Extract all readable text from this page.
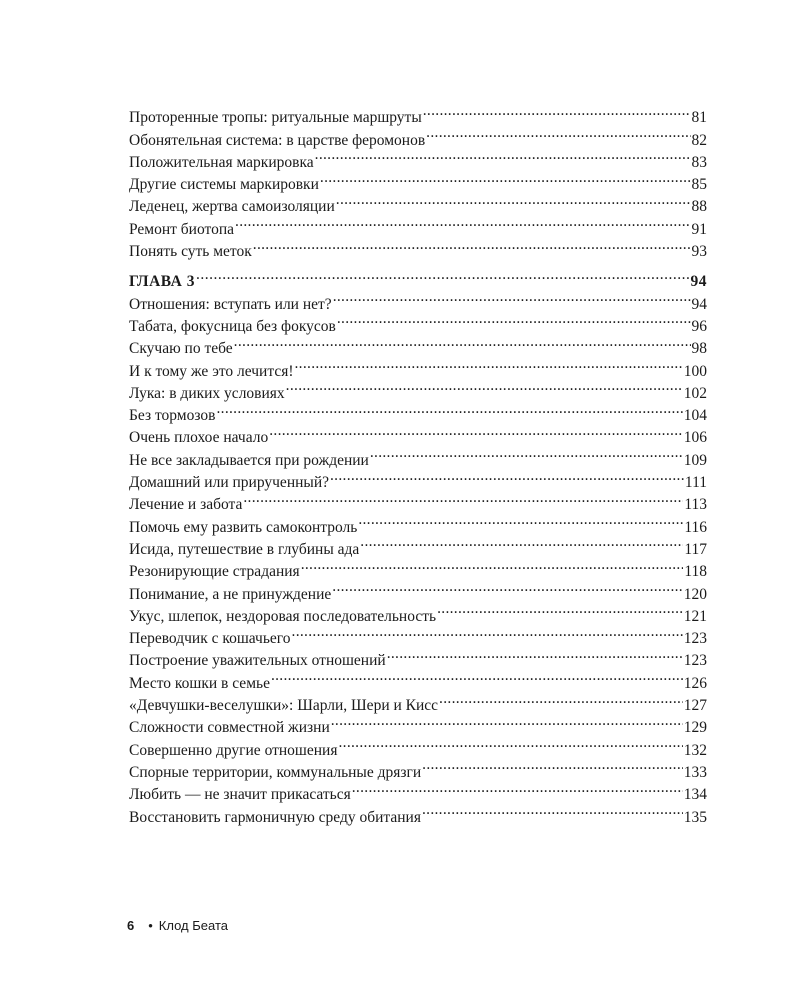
Проторенные тропы: ритуальные маршруты .....	81
Обонятельная система: в царстве феромонов .....	82
Положительная маркировка .....	83
Другие системы маркировки .....	85
Леденец, жертва самоизоляции .....	88
Ремонт биотопа .....	91
Понять суть меток .....	93
ГЛАВА 3 .....	94
Отношения: вступать или нет? .....	94
Табата, фокусница без фокусов .....	96
Скучаю по тебе .....	98
И к тому же это лечится! .....	100
Лука: в диких условиях .....	102
Без тормозов .....	104
Очень плохое начало .....	106
Не все закладывается при рождении .....	109
Домашний или прирученный? .....	111
Лечение и забота .....	113
Помочь ему развить самоконтроль .....	116
Исида, путешествие в глубины ада .....	117
Резонирующие страдания .....	118
Понимание, а не принуждение .....	120
Укус, шлепок, нездоровая последовательность .....	121
Переводчик с кошачьего .....	123
Построение уважительных отношений .....	123
Место кошки в семье .....	126
«Девчушки-веселушки»: Шарли, Шери и Кисс .....	127
Сложности совместной жизни .....	129
Совершенно другие отношения .....	132
Спорные территории, коммунальные дрязги .....	133
Любить — не значит прикасаться .....	134
Восстановить гармоничную среду обитания .....	135
6 • Клод Беата
